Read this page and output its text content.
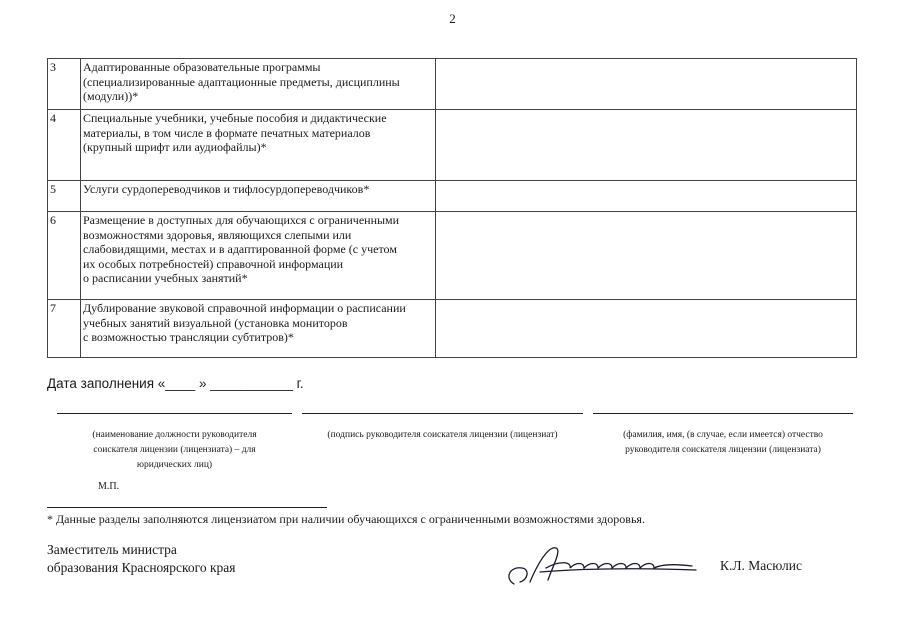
2
3	Адаптированные образовательные программы
(специализированные адаптационные предметы, дисциплины
(модули))*	

4	Специальные учебники, учебные пособия и дидактические
материалы, в том числе в формате печатных материалов
(крупный шрифт или аудиофайлы)*	

5	Услуги сурдопереводчиков и тифлосурдопереводчиков*	

6	Размещение в доступных для обучающихся с ограниченными
возможностями здоровья, являющихся слепыми или
слабовидящими, местах и в адаптированной форме (с учетом
их особых потребностей) справочной информации
о расписании учебных занятий*	

7	Дублирование звуковой справочной информации о расписании
учебных занятий визуальной (установка мониторов
с возможностью трансляции субтитров)*	

Дата заполнения «____ » ___________ г.
(наименование должности руководителя
соискателя лицензии (лицензиата) – для
юридических лиц)
(подпись руководителя соискателя лицензии (лицензиат)	(фамилия, имя, (в случае, если имеется) отчество
руководителя соискателя лицензии (лицензиата)
М.П.
* Данные разделы заполняются лицензиатом при наличии обучающихся с ограниченными возможностями здоровья.
Заместитель министра
образования Красноярского края	К.Л. Масюлис
